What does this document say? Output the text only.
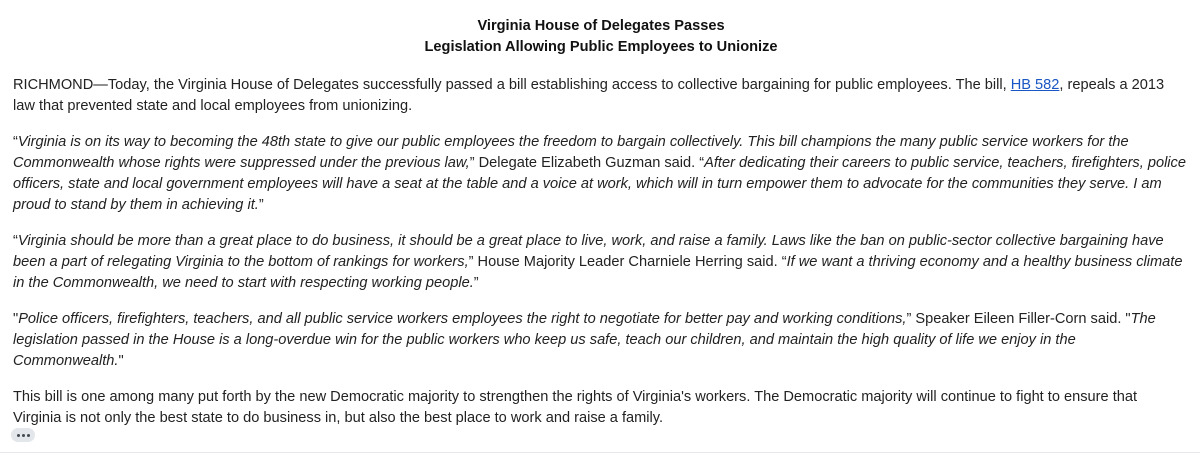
Virginia House of Delegates Passes
Legislation Allowing Public Employees to Unionize

RICHMOND—Today, the Virginia House of Delegates successfully passed a bill establishing access to collective bargaining for public employees. The bill, HB 582, repeals a 2013 law that prevented state and local employees from unionizing.

“Virginia is on its way to becoming the 48th state to give our public employees the freedom to bargain collectively. This bill champions the many public service workers for the Commonwealth whose rights were suppressed under the previous law,” Delegate Elizabeth Guzman said. “After dedicating their careers to public service, teachers, firefighters, police officers, state and local government employees will have a seat at the table and a voice at work, which will in turn empower them to advocate for the communities they serve. I am proud to stand by them in achieving it.”

“Virginia should be more than a great place to do business, it should be a great place to live, work, and raise a family. Laws like the ban on public-sector collective bargaining have been a part of relegating Virginia to the bottom of rankings for workers,” House Majority Leader Charniele Herring said. “If we want a thriving economy and a healthy business climate in the Commonwealth, we need to start with respecting working people.”

"Police officers, firefighters, teachers, and all public service workers employees the right to negotiate for better pay and working conditions,” Speaker Eileen Filler-Corn said. "The legislation passed in the House is a long-overdue win for the public workers who keep us safe, teach our children, and maintain the high quality of life we enjoy in the Commonwealth."

This bill is one among many put forth by the new Democratic majority to strengthen the rights of Virginia's workers. The Democratic majority will continue to fight to ensure that Virginia is not only the best state to do business in, but also the best place to work and raise a family.
